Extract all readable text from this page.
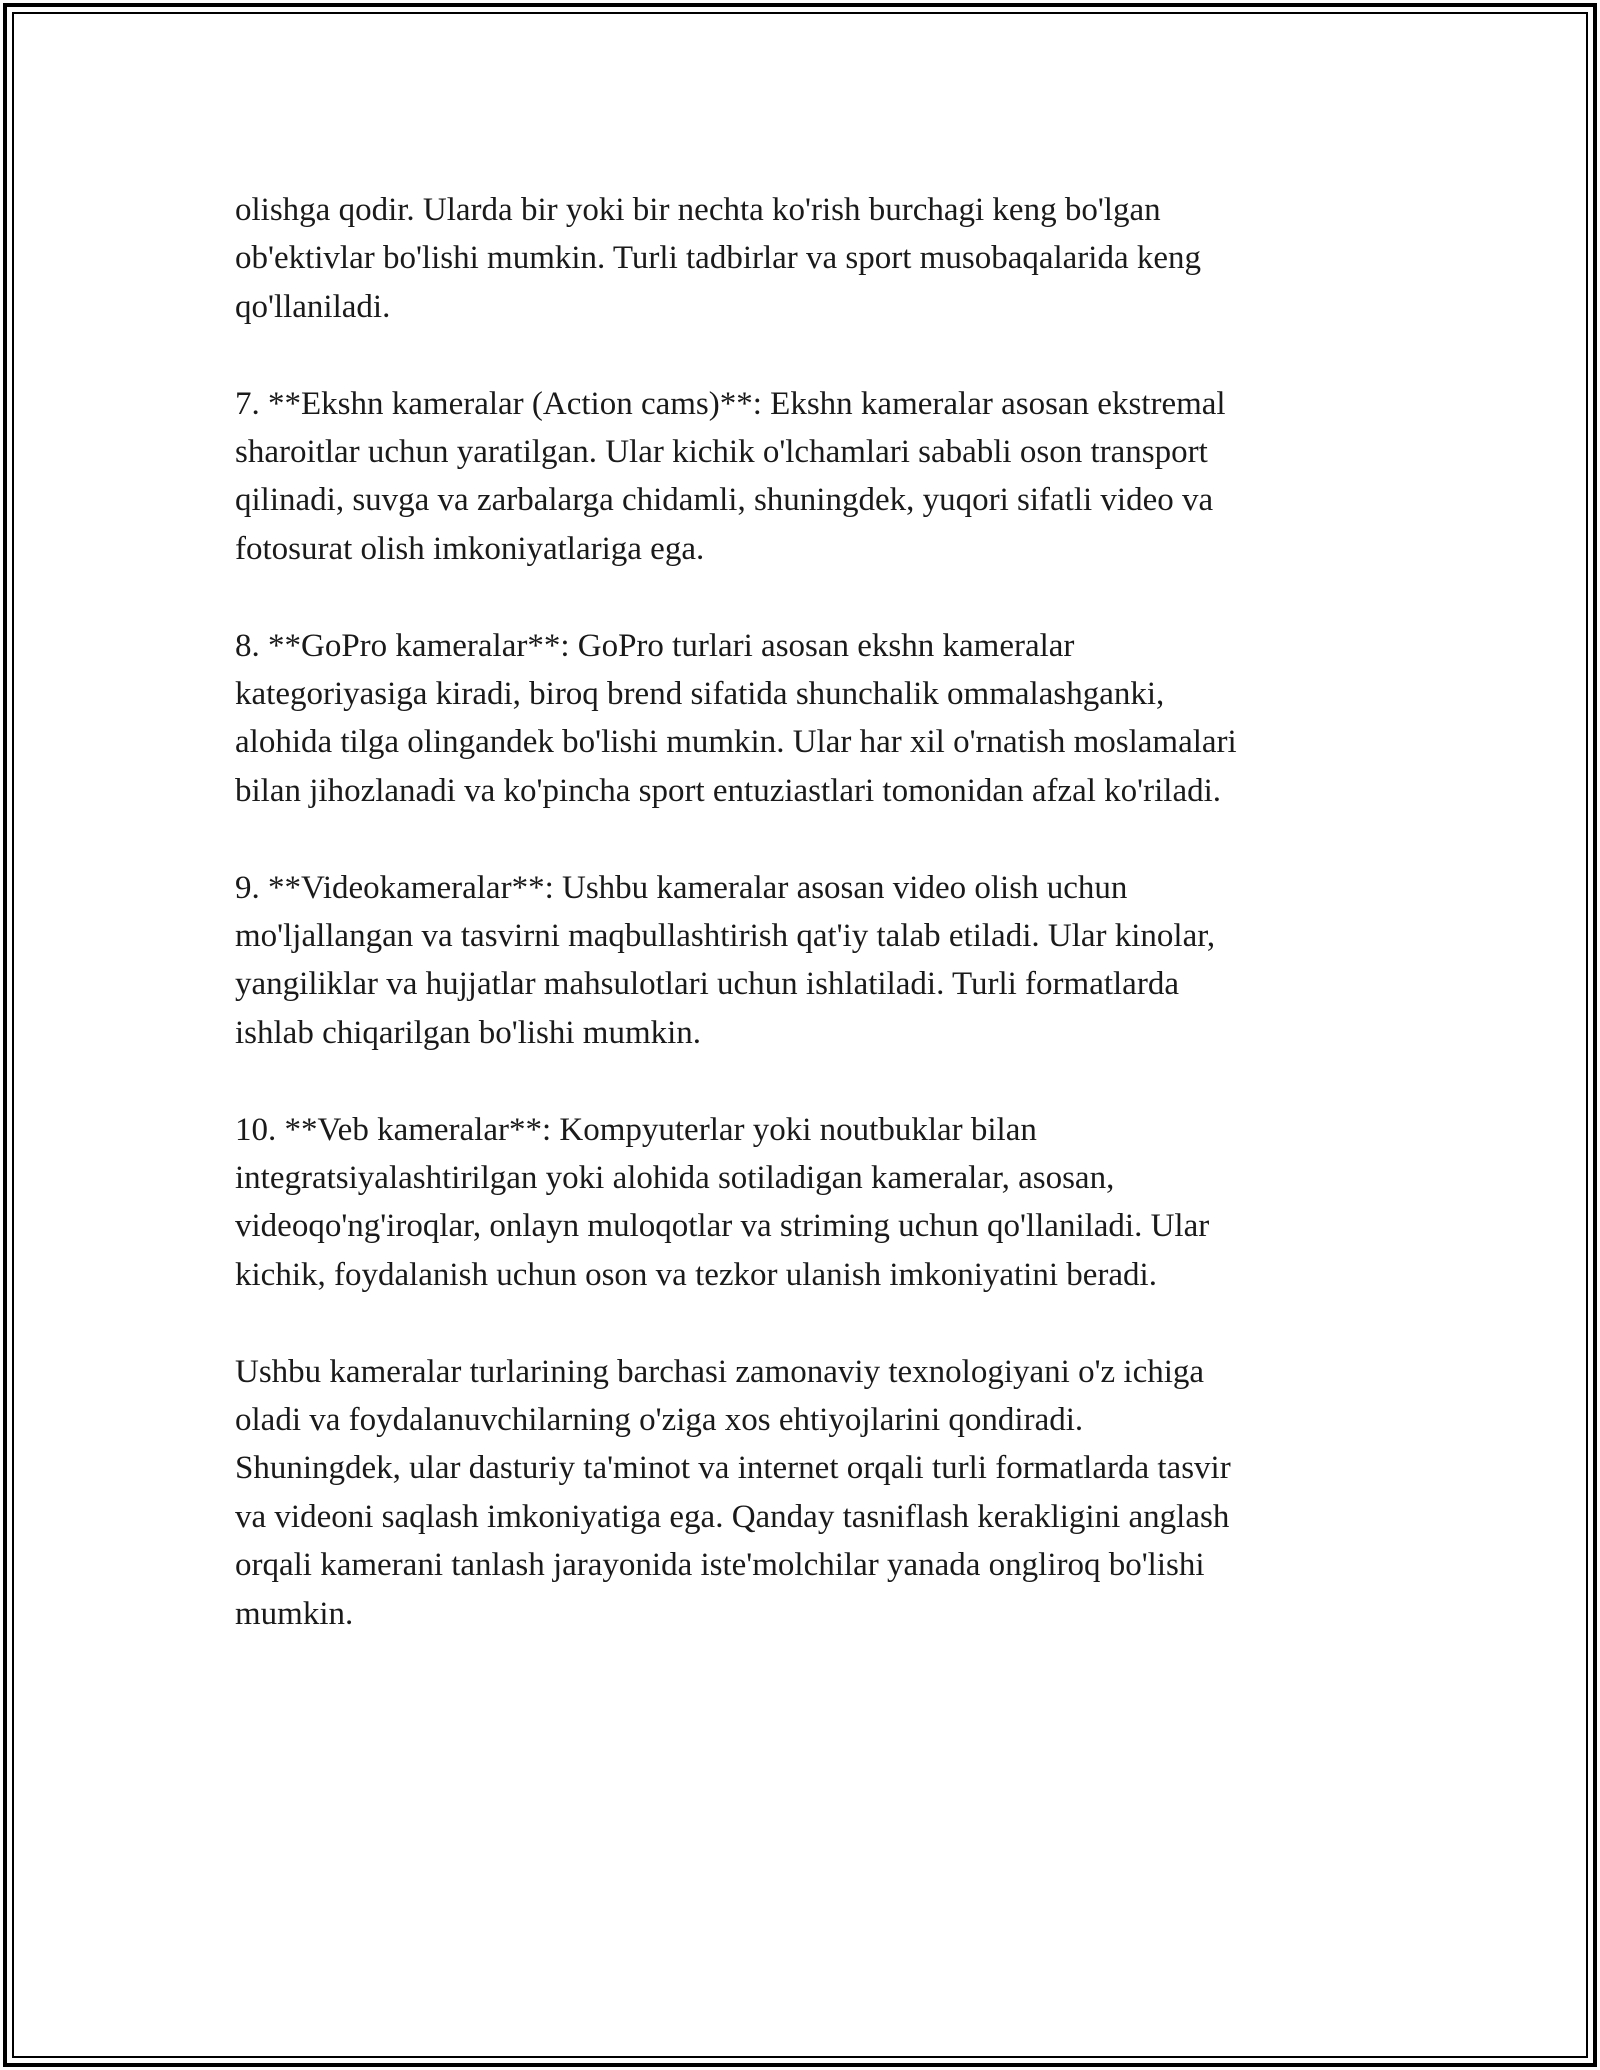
olishga qodir. Ularda bir yoki bir nechta ko'rish burchagi keng bo'lgan
ob'ektivlar bo'lishi mumkin. Turli tadbirlar va sport musobaqalarida keng
qo'llaniladi.

7. **Ekshn kameralar (Action cams)**: Ekshn kameralar asosan ekstremal
sharoitlar uchun yaratilgan. Ular kichik o'lchamlari sababli oson transport
qilinadi, suvga va zarbalarga chidamli, shuningdek, yuqori sifatli video va
fotosurat olish imkoniyatlariga ega.

8. **GoPro kameralar**: GoPro turlari asosan ekshn kameralar
kategoriyasiga kiradi, biroq brend sifatida shunchalik ommalashganki,
alohida tilga olingandek bo'lishi mumkin. Ular har xil o'rnatish moslamalari
bilan jihozlanadi va ko'pincha sport entuziastlari tomonidan afzal ko'riladi.

9. **Videokameralar**: Ushbu kameralar asosan video olish uchun
mo'ljallangan va tasvirni maqbullashtirish qat'iy talab etiladi. Ular kinolar,
yangiliklar va hujjatlar mahsulotlari uchun ishlatiladi. Turli formatlarda
ishlab chiqarilgan bo'lishi mumkin.

10. **Veb kameralar**: Kompyuterlar yoki noutbuklar bilan
integratsiyalashtirilgan yoki alohida sotiladigan kameralar, asosan,
videoqo'ng'iroqlar, onlayn muloqotlar va striming uchun qo'llaniladi. Ular
kichik, foydalanish uchun oson va tezkor ulanish imkoniyatini beradi.

Ushbu kameralar turlarining barchasi zamonaviy texnologiyani o'z ichiga
oladi va foydalanuvchilarning o'ziga xos ehtiyojlarini qondiradi.
Shuningdek, ular dasturiy ta'minot va internet orqali turli formatlarda tasvir
va videoni saqlash imkoniyatiga ega. Qanday tasniflash kerakligini anglash
orqali kamerani tanlash jarayonida iste'molchilar yanada ongliroq bo'lishi
mumkin.
